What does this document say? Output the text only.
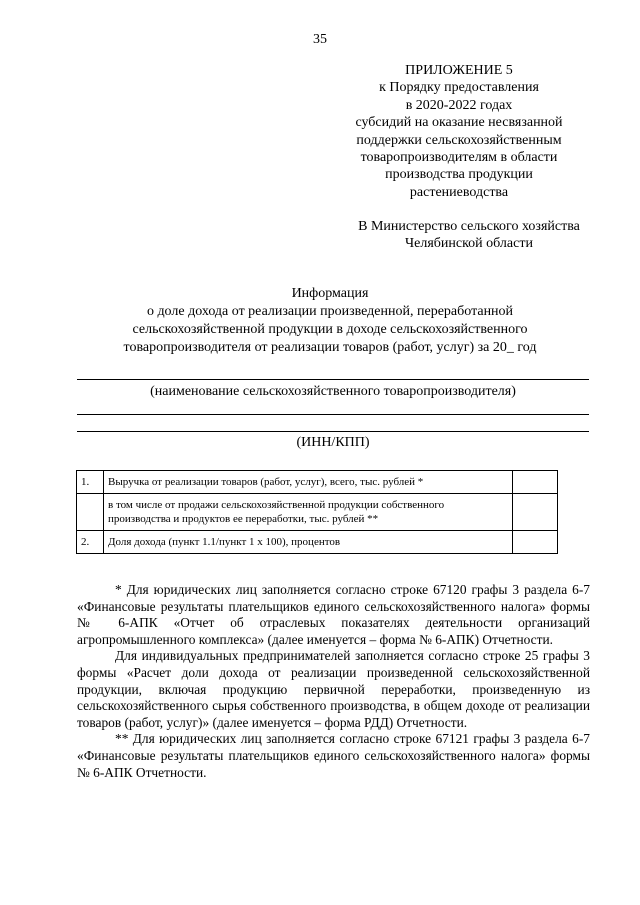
35
ПРИЛОЖЕНИЕ 5
к Порядку предоставления
в 2020-2022 годах
субсидий на оказание несвязанной
поддержки сельскохозяйственным
товаропроизводителям в области
производства продукции
растениеводства
В Министерство сельского хозяйства
Челябинской области
Информация
о доле дохода от реализации произведенной, переработанной
сельскохозяйственной продукции в доходе сельскохозяйственного
товаропроизводителя от реализации товаров (работ, услуг) за 20_ год
(наименование сельскохозяйственного товаропроизводителя)
(ИНН/КПП)
1.	Выручка от реализации товаров (работ, услуг), всего, тыс. рублей *	
	в том числе от продажи сельскохозяйственной продукции собственного производства и продуктов ее переработки, тыс. рублей **	
2.	Доля дохода (пункт 1.1/пункт 1 х 100), процентов	

* Для юридических лиц заполняется согласно строке 67120 графы 3 раздела 6-7 «Финансовые результаты плательщиков единого сельскохозяйственного налога» формы № 6-АПК «Отчет об отраслевых показателях деятельности организаций агропромышленного комплекса» (далее именуется – форма № 6-АПК) Отчетности.

Для индивидуальных предпринимателей заполняется согласно строке 25 графы 3 формы «Расчет доли дохода от реализации произведенной сельскохозяйственной продукции, включая продукцию первичной переработки, произведенную из сельскохозяйственного сырья собственного производства, в общем доходе от реализации товаров (работ, услуг)» (далее именуется – форма РДД) Отчетности.

** Для юридических лиц заполняется согласно строке 67121 графы 3 раздела 6-7 «Финансовые результаты плательщиков единого сельскохозяйственного налога» формы № 6-АПК Отчетности.
